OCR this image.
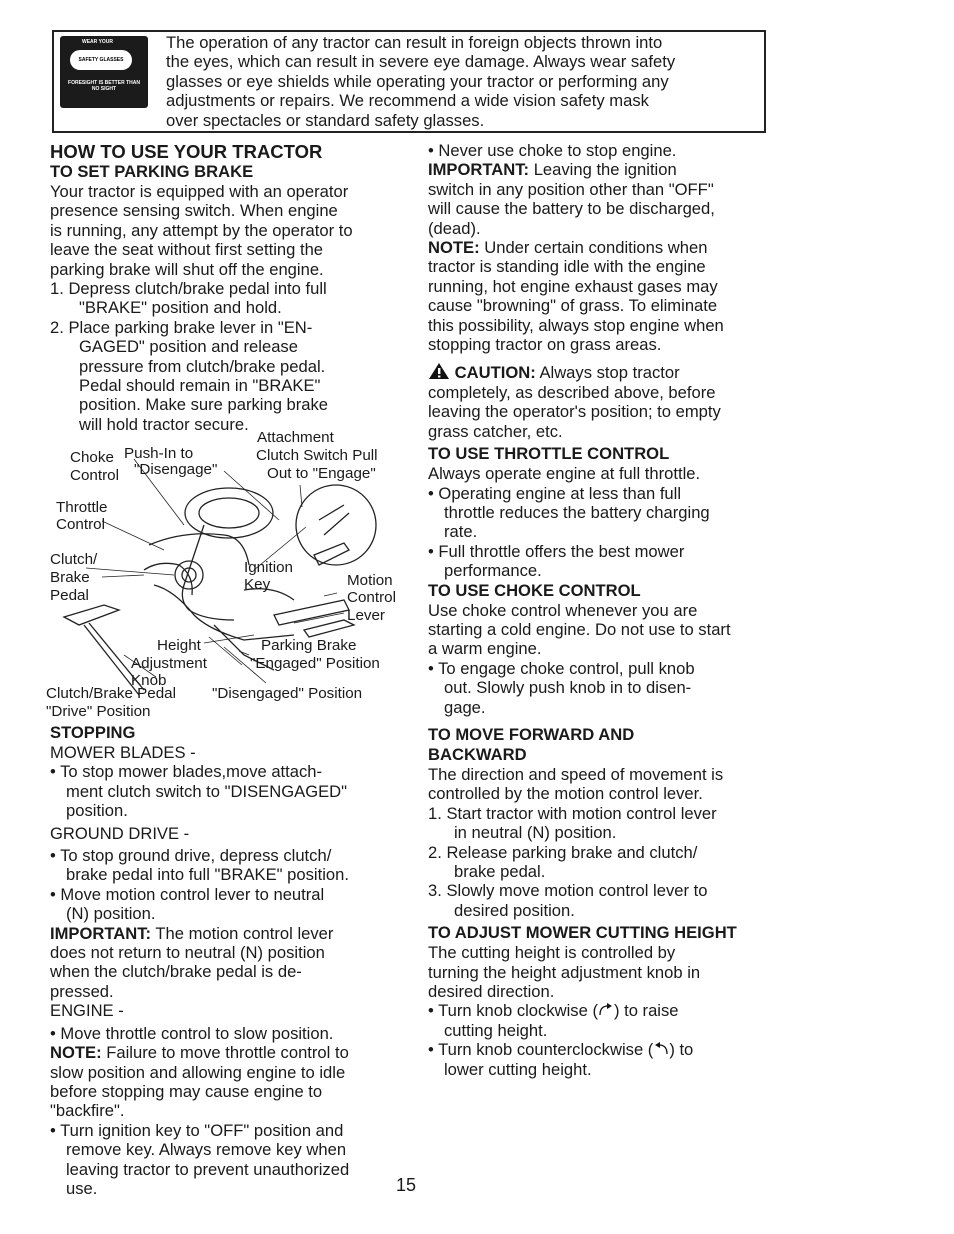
WEAR YOUR
SAFETY GLASSES
FORESIGHT IS BETTER THAN NO SIGHT
The operation of any tractor can result in foreign objects thrown into
the eyes, which can result in severe eye damage. Always wear safety
glasses or eye shields while operating your tractor or performing any
adjustments or repairs. We recommend a wide vision safety mask
over spectacles or standard safety glasses.

HOW TO USE YOUR TRACTOR

TO SET PARKING BRAKE

Your tractor is equipped with an operator
presence sensing switch. When engine
is running, any attempt by the operator to
leave the seat without first setting the
parking brake will shut off the engine.

1. Depress clutch/brake pedal into full
"BRAKE" position and hold.

2. Place parking brake lever in "EN-
GAGED" position and release
pressure from clutch/brake pedal.
Pedal should remain in "BRAKE"
position. Make sure parking brake
will hold tractor secure.

Attachment
Choke
Control
Push-In to
"Disengage"
Clutch Switch Pull
Out to "Engage"
Throttle
Control
Clutch/
Brake
Pedal
Ignition
Key	Motion
Control
Lever
Height
Adjustment
Knob
Parking Brake
"Engaged" Position
Clutch/Brake Pedal "Disengaged" Position
"Drive" Position

STOPPING

MOWER BLADES -

• To stop mower blades,move attach-
ment clutch switch to "DISENGAGED"
position.

GROUND DRIVE -

• To stop ground drive, depress clutch/
brake pedal into full "BRAKE" position.

• Move motion control lever to neutral
(N) position.

IMPORTANT: The motion control lever
does not return to neutral (N) position
when the clutch/brake pedal is de-
pressed.

ENGINE -

• Move throttle control to slow position.

NOTE: Failure to move throttle control to
slow position and allowing engine to idle
before stopping may cause engine to
"backfire".

• Turn ignition key to "OFF" position and
remove key. Always remove key when
leaving tractor to prevent unauthorized
use.

• Never use choke to stop engine.

IMPORTANT: Leaving the ignition
switch in any position other than "OFF"
will cause the battery to be discharged,
(dead).

NOTE: Under certain conditions when
tractor is standing idle with the engine
running, hot engine exhaust gases may
cause "browning" of grass. To eliminate
this possibility, always stop engine when
stopping tractor on grass areas.

CAUTION: Always stop tractor
completely, as described above, before
leaving the operator's position; to empty
grass catcher, etc.

TO USE THROTTLE CONTROL

Always operate engine at full throttle.

• Operating engine at less than full
throttle reduces the battery charging
rate.

• Full throttle offers the best mower
performance.

TO USE CHOKE CONTROL

Use choke control whenever you are
starting a cold engine. Do not use to start
a warm engine.

• To engage choke control, pull knob
out. Slowly push knob in to disen-
gage.

TO MOVE FORWARD AND
BACKWARD

The direction and speed of movement is
controlled by the motion control lever.

1. Start tractor with motion control lever
in neutral (N) position.

2. Release parking brake and clutch/
brake pedal.

3. Slowly move motion control lever to
desired position.

TO ADJUST MOWER CUTTING HEIGHT

The cutting height is controlled by
turning the height adjustment knob in
desired direction.

• Turn knob clockwise ( ) to raise
cutting height.

• Turn knob counterclockwise ( ) to
lower cutting height.

15
